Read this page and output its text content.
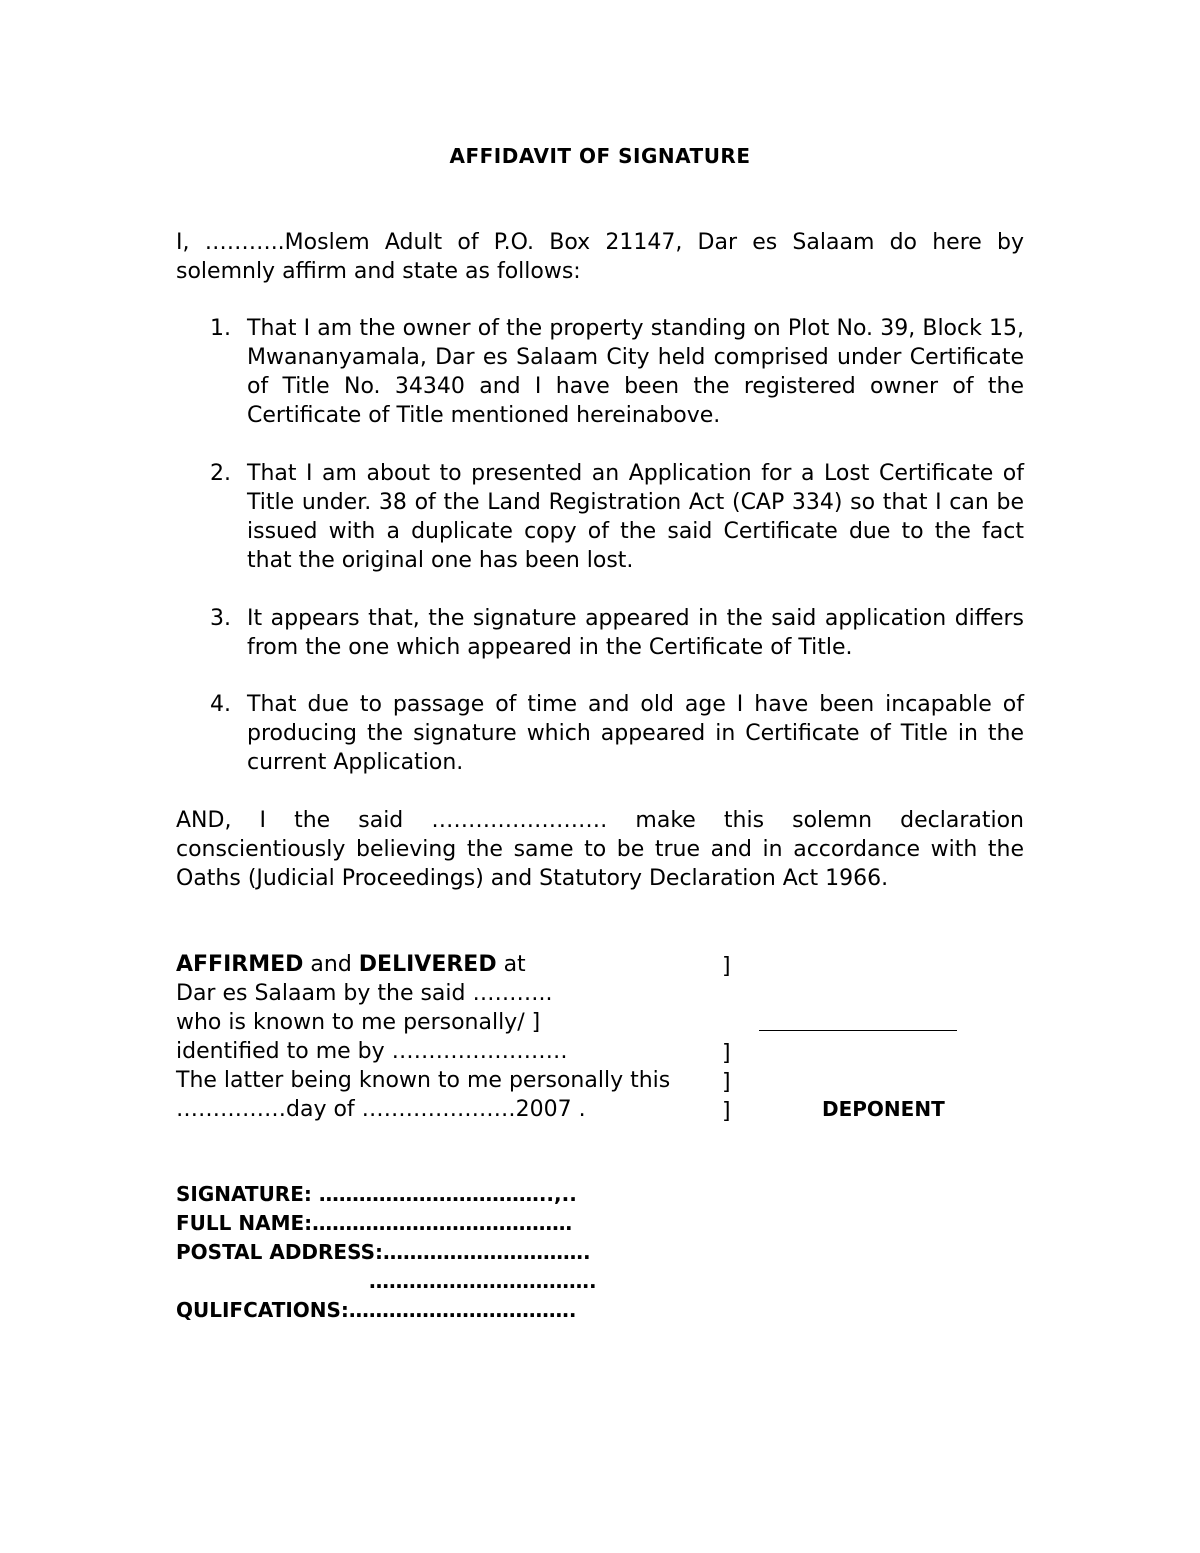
AFFIDAVIT OF SIGNATURE
I, ………..Moslem Adult of P.O. Box 21147, Dar es Salaam do here by solemnly affirm and state as follows:
1. That I am the owner of the property standing on Plot No. 39, Block 15, Mwananyamala, Dar es Salaam City held comprised under Certificate of Title No. 34340 and I have been the registered owner of the Certificate of Title mentioned hereinabove.
2. That I am about to presented an Application for a Lost Certificate of Title under. 38 of the Land Registration Act (CAP 334) so that I can be issued with a duplicate copy of the said Certificate due to the fact that the original one has been lost.
3. It appears that, the signature appeared in the said application differs from the one which appeared in the Certificate of Title.
4. That due to passage of time and old age I have been incapable of producing the signature which appeared in Certificate of Title in the current Application.
AND, I the said …………………… make this solemn declaration conscientiously believing the same to be true and in accordance with the Oaths (Judicial Proceedings) and Statutory Declaration Act 1966.
AFFIRMED and DELIVERED at
Dar es Salaam by the said ………..
who is known to me personally/ ]
identified to me by ……………………
The latter being known to me personally this
……………day of …………………2007 .
]
]
]
]	DEPONENT
SIGNATURE: ……………………………..,..
FULL NAME:…………………………………
POSTAL ADDRESS:………………………….
…………………………….
QULIFCATIONS:…………………………….
